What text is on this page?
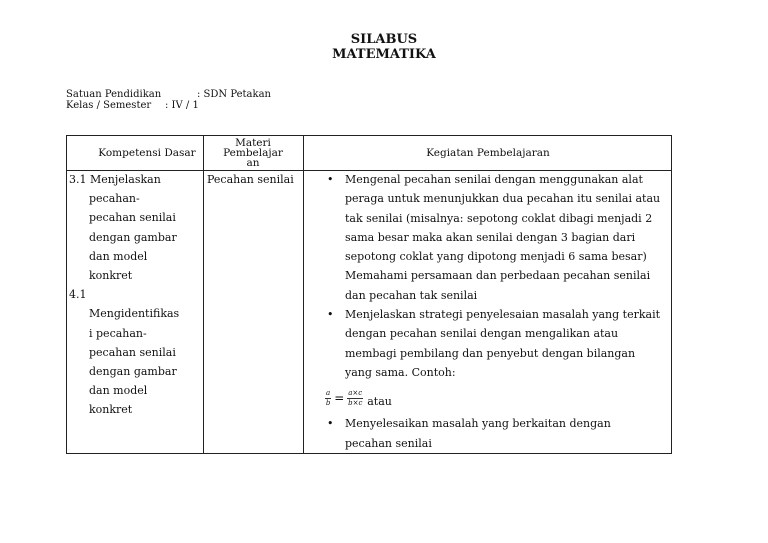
SILABUS
MATEMATIKA
Satuan Pendidikan	: SDN Petakan
Kelas / Semester : IV / 1
Kompetensi Dasar
Materi
Pembelajar
an
Kegiatan Pembelajaran
3.1 Menjelaskan
pecahan-
pecahan senilai
dengan gambar
dan model
konkret
4.1
Mengidentifikas
i pecahan-
pecahan senilai
dengan gambar
dan model
konkret
Pecahan senilai	• Mengenal pecahan senilai dengan menggunakan alat
peraga untuk menunjukkan dua pecahan itu senilai atau
tak senilai (misalnya: sepotong coklat dibagi menjadi 2
sama besar maka akan senilai dengan 3 bagian dari
sepotong coklat yang dipotong menjadi 6 sama besar)
Memahami persamaan dan perbedaan pecahan senilai
dan pecahan tak senilai
• Menjelaskan strategi penyelesaian masalah yang terkait
dengan pecahan senilai dengan mengalikan atau
membagi pembilang dan penyebut dengan bilangan
yang sama. Contoh:
$\frac{a}{b} = \frac{a\times c}{b\times c}$ atau
• Menyelesaikan masalah yang berkaitan dengan
pecahan senilai
